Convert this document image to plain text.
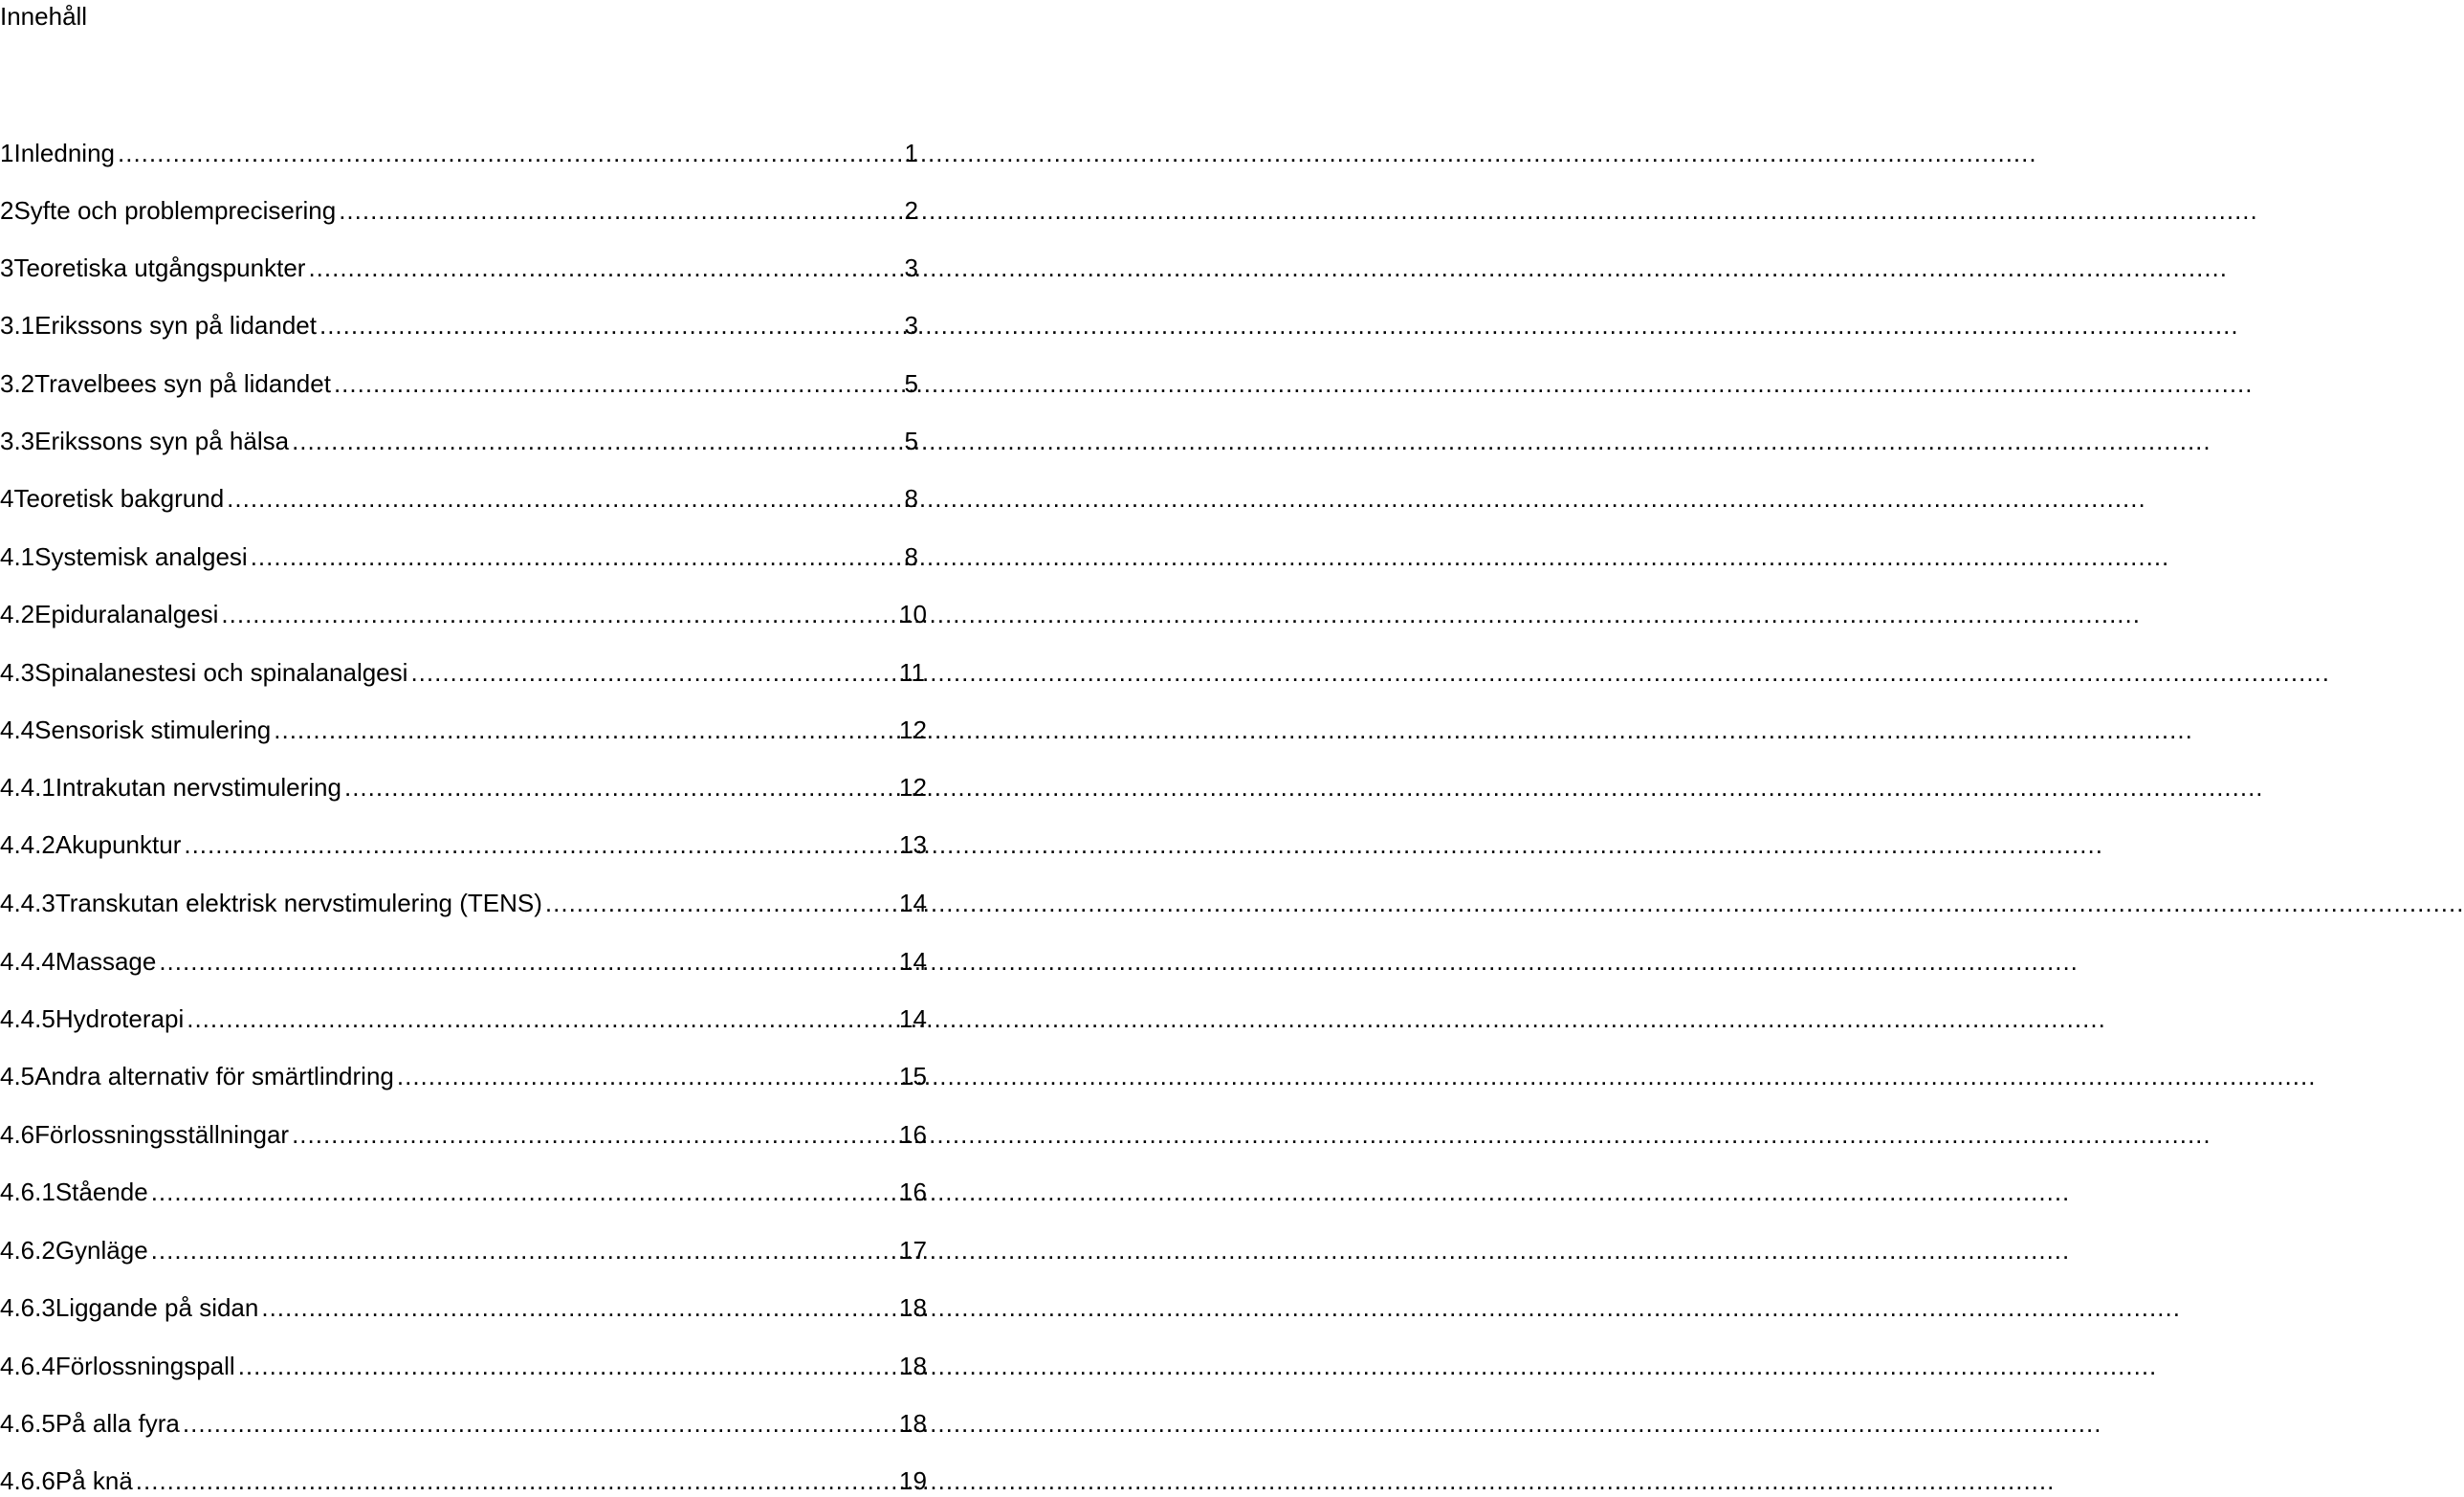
Innehåll
1 Inledning .....	1
2 Syfte och problemprecisering .....	2
3 Teoretiska utgångspunkter .....	3
3.1 Erikssons syn på lidandet .....	3
3.2 Travelbees syn på lidandet .....	5
3.3 Erikssons syn på hälsa .....	5
4 Teoretisk bakgrund .....	8
4.1 Systemisk analgesi .....	8
4.2 Epiduralanalgesi .....	10
4.3 Spinalanestesi och spinalanalgesi .....	11
4.4 Sensorisk stimulering .....	12
4.4.1 Intrakutan nervstimulering .....	12
4.4.2 Akupunktur .....	13
4.4.3 Transkutan elektrisk nervstimulering (TENS) .....	14
4.4.4 Massage .....	14
4.4.5 Hydroterapi .....	14
4.5 Andra alternativ för smärtlindring .....	15
4.6 Förlossningsställningar .....	16
4.6.1 Stående .....	16
4.6.2 Gynläge .....	17
4.6.3 Liggande på sidan .....	18
4.6.4 Förlossningspall .....	18
4.6.5 På alla fyra .....	18
4.6.6 På knä .....	19
